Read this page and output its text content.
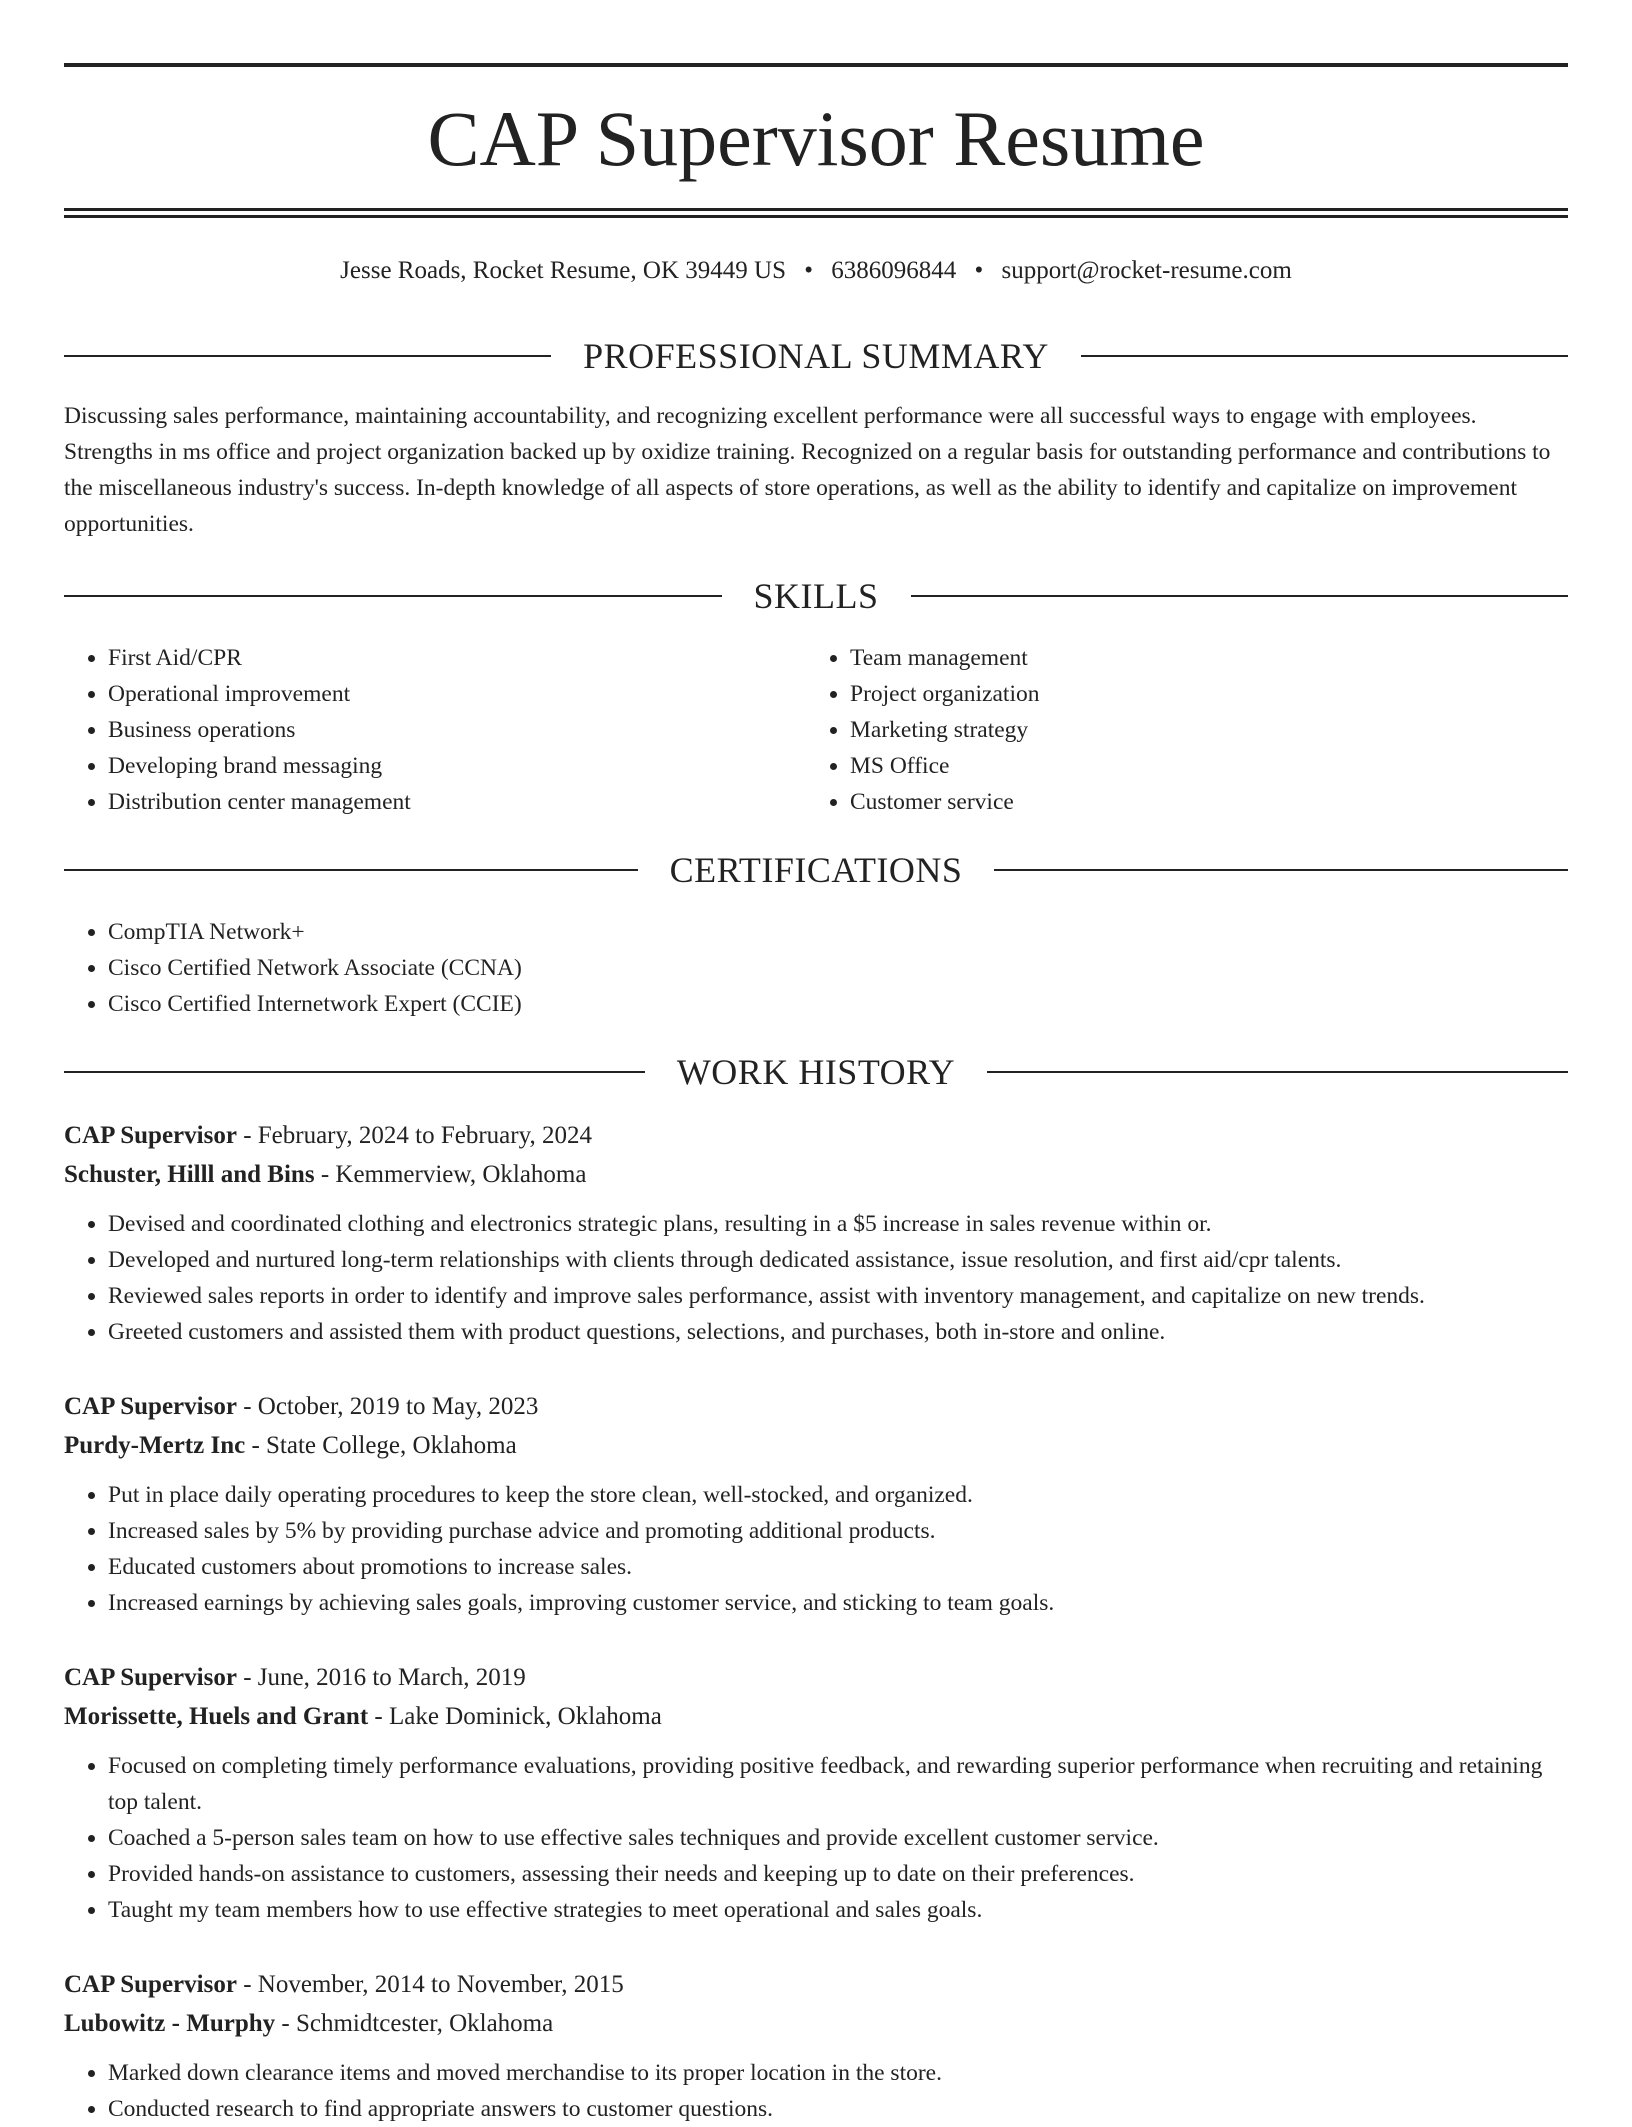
CAP Supervisor Resume
Jesse Roads, Rocket Resume, OK 39449 US • 6386096844 • support@rocket-resume.com
PROFESSIONAL SUMMARY

Discussing sales performance, maintaining accountability, and recognizing excellent performance were all successful ways to engage with employees. Strengths in ms office and project organization backed up by oxidize training. Recognized on a regular basis for outstanding performance and contributions to the miscellaneous industry's success. In-depth knowledge of all aspects of store operations, as well as the ability to identify and capitalize on improvement opportunities.

SKILLS
• First Aid/CPR
• Operational improvement
• Business operations
• Developing brand messaging
• Distribution center management
• Team management
• Project organization
• Marketing strategy
• MS Office
• Customer service
CERTIFICATIONS
• CompTIA Network+
• Cisco Certified Network Associate (CCNA)
• Cisco Certified Internetwork Expert (CCIE)
WORK HISTORY

CAP Supervisor - February, 2024 to February, 2024

Schuster, Hilll and Bins - Kemmerview, Oklahoma

• Devised and coordinated clothing and electronics strategic plans, resulting in a $5 increase in sales revenue within or.
• Developed and nurtured long-term relationships with clients through dedicated assistance, issue resolution, and first aid/cpr talents.
• Reviewed sales reports in order to identify and improve sales performance, assist with inventory management, and capitalize on new trends.
• Greeted customers and assisted them with product questions, selections, and purchases, both in-store and online.

CAP Supervisor - October, 2019 to May, 2023

Purdy-Mertz Inc - State College, Oklahoma

• Put in place daily operating procedures to keep the store clean, well-stocked, and organized.
• Increased sales by 5% by providing purchase advice and promoting additional products.
• Educated customers about promotions to increase sales.
• Increased earnings by achieving sales goals, improving customer service, and sticking to team goals.

CAP Supervisor - June, 2016 to March, 2019

Morissette, Huels and Grant - Lake Dominick, Oklahoma

• Focused on completing timely performance evaluations, providing positive feedback, and rewarding superior performance when recruiting and retaining top talent.
• Coached a 5-person sales team on how to use effective sales techniques and provide excellent customer service.
• Provided hands-on assistance to customers, assessing their needs and keeping up to date on their preferences.
• Taught my team members how to use effective strategies to meet operational and sales goals.

CAP Supervisor - November, 2014 to November, 2015

Lubowitz - Murphy - Schmidtcester, Oklahoma

• Marked down clearance items and moved merchandise to its proper location in the store.
• Conducted research to find appropriate answers to customer questions.
